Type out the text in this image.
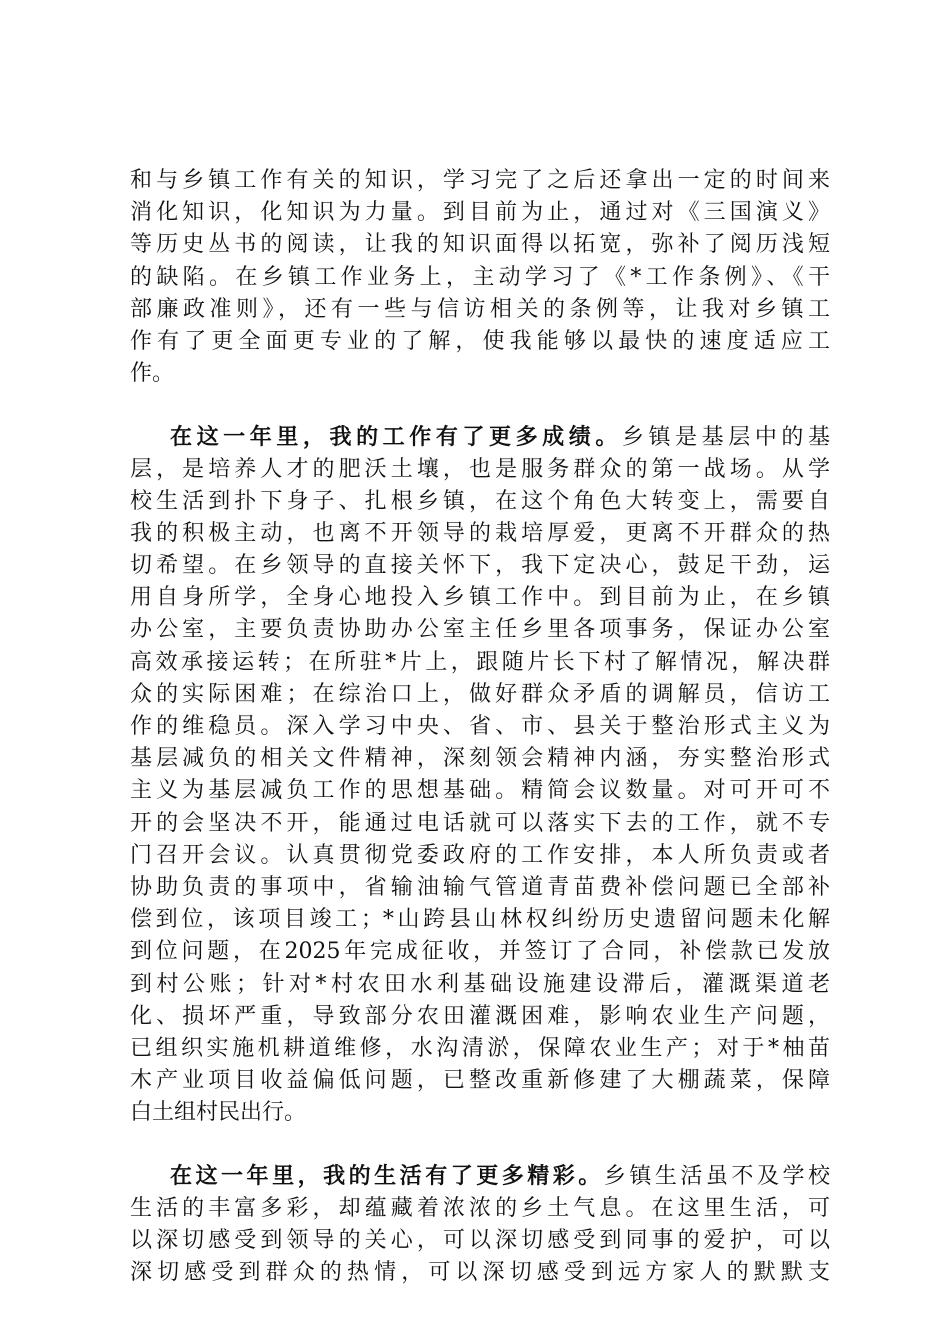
和与乡镇工作有关的知识，学习完了之后还拿出一定的时间来
消化知识，化知识为力量。到目前为止，通过对《三国演义》
等历史丛书的阅读，让我的知识面得以拓宽，弥补了阅历浅短
的缺陷。在乡镇工作业务上，主动学习了《*工作条例》、《干
部廉政准则》，还有一些与信访相关的条例等，让我对乡镇工
作有了更全面更专业的了解，使我能够以最快的速度适应工
作。
在这一年里，我的工作有了更多成绩。乡镇是基层中的基
层，是培养人才的肥沃土壤，也是服务群众的第一战场。从学
校生活到扑下身子、扎根乡镇，在这个角色大转变上，需要自
我的积极主动，也离不开领导的栽培厚爱，更离不开群众的热
切希望。在乡领导的直接关怀下，我下定决心，鼓足干劲，运
用自身所学，全身心地投入乡镇工作中。到目前为止，在乡镇
办公室，主要负责协助办公室主任乡里各项事务，保证办公室
高效承接运转；在所驻*片上，跟随片长下村了解情况，解决群
众的实际困难；在综治口上，做好群众矛盾的调解员，信访工
作的维稳员。深入学习中央、省、市、县关于整治形式主义为
基层减负的相关文件精神，深刻领会精神内涵，夯实整治形式
主义为基层减负工作的思想基础。精简会议数量。对可开可不
开的会坚决不开，能通过电话就可以落实下去的工作，就不专
门召开会议。认真贯彻党委政府的工作安排，本人所负责或者
协助负责的事项中，省输油输气管道青苗费补偿问题已全部补
偿到位，该项目竣工；*山跨县山林权纠纷历史遗留问题未化解
到位问题，在2025年完成征收，并签订了合同，补偿款已发放
到村公账；针对*村农田水利基础设施建设滞后，灌溉渠道老
化、损坏严重，导致部分农田灌溉困难，影响农业生产问题，
已组织实施机耕道维修，水沟清淤，保障农业生产；对于*柚苗
木产业项目收益偏低问题，已整改重新修建了大棚蔬菜，保障
白土组村民出行。
在这一年里，我的生活有了更多精彩。乡镇生活虽不及学校
生活的丰富多彩，却蕴藏着浓浓的乡土气息。在这里生活，可
以深切感受到领导的关心，可以深切感受到同事的爱护，可以
深切感受到群众的热情，可以深切感受到远方家人的默默支
